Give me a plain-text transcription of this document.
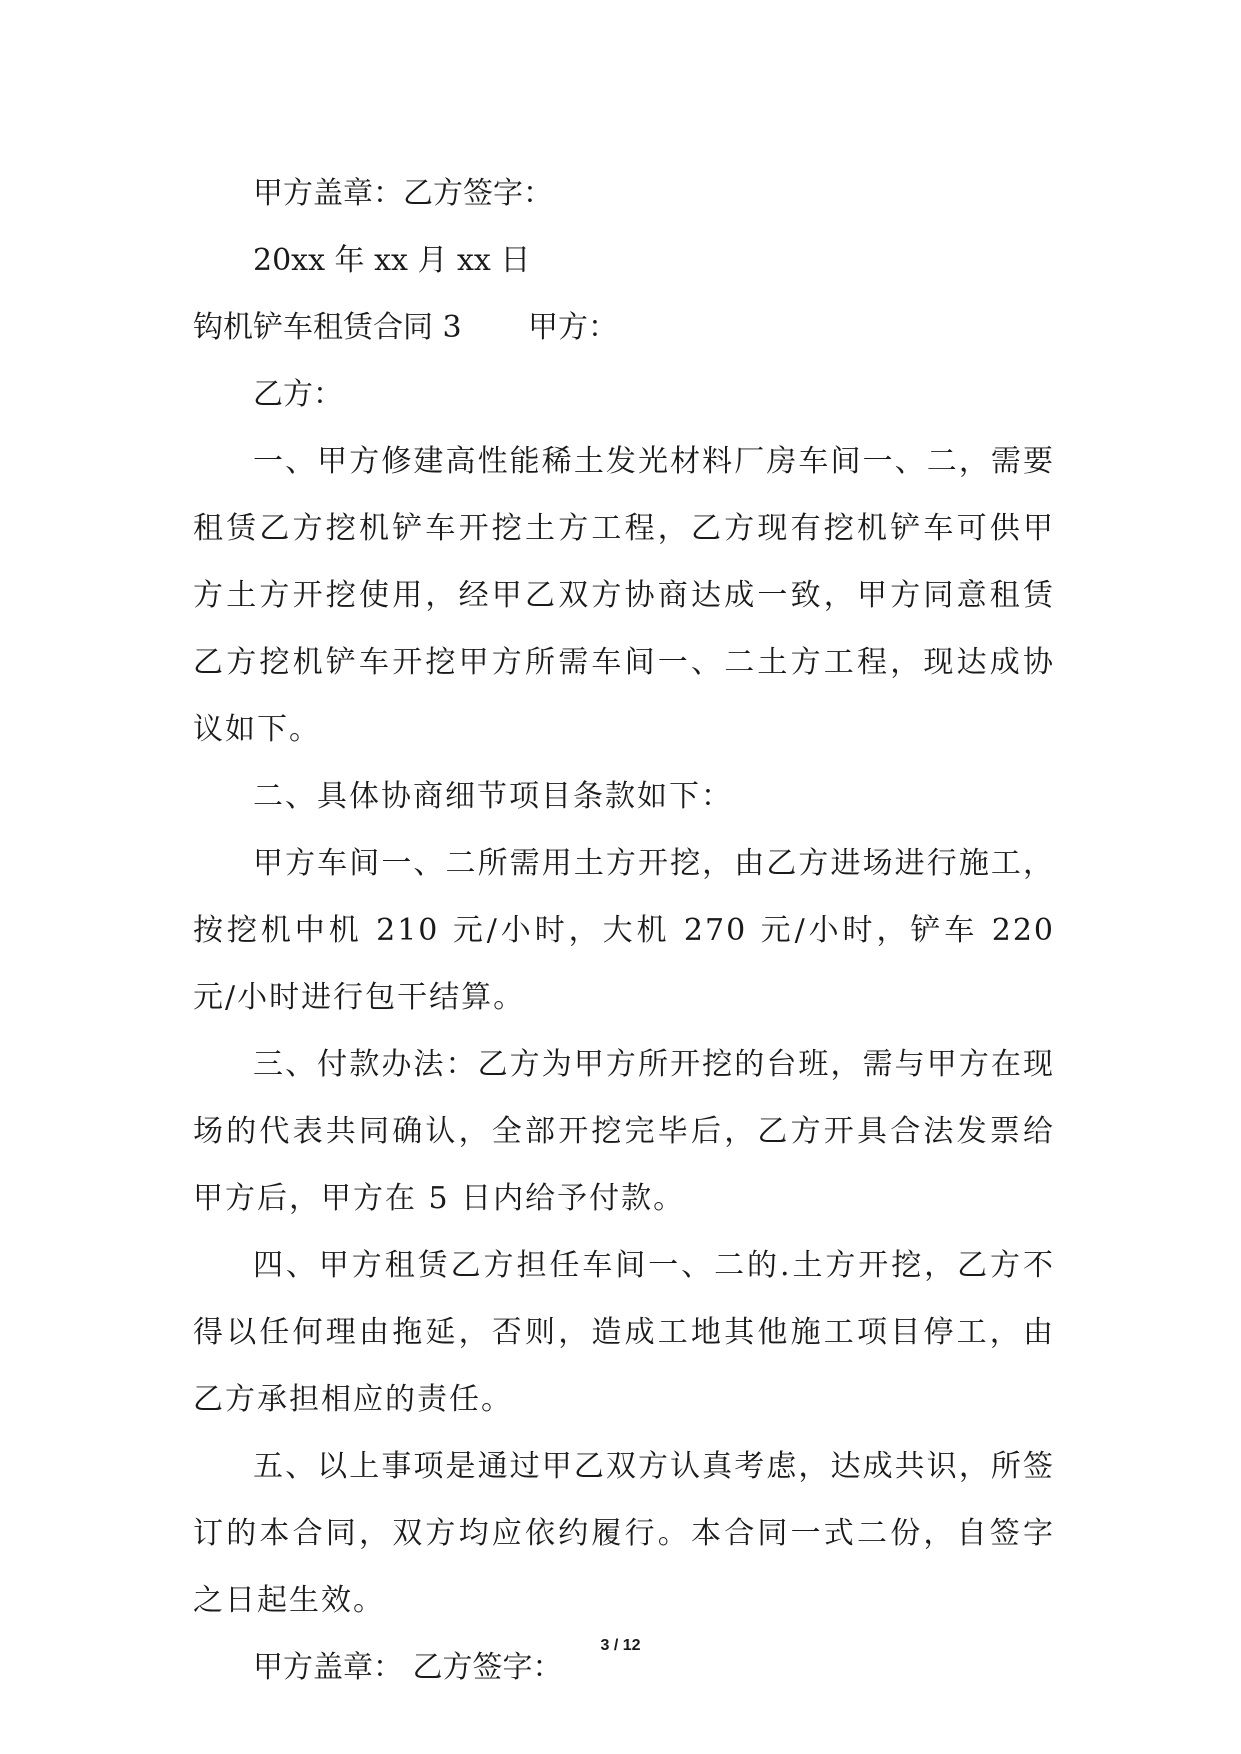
甲方盖章：乙方签字：
20xx 年 xx 月 xx 日
钩机铲车租赁合同 3	甲方：
乙方：

一、甲方修建高性能稀土发光材料厂房车间一、二，需要租赁乙方挖机铲车开挖土方工程，乙方现有挖机铲车可供甲方土方开挖使用，经甲乙双方协商达成一致，甲方同意租赁乙方挖机铲车开挖甲方所需车间一、二土方工程，现达成协议如下。

二、具体协商细节项目条款如下：

甲方车间一、二所需用土方开挖，由乙方进场进行施工，按挖机中机 210 元/小时，大机 270 元/小时，铲车 220 元/小时进行包干结算。

三、付款办法：乙方为甲方所开挖的台班，需与甲方在现场的代表共同确认，全部开挖完毕后，乙方开具合法发票给甲方后，甲方在 5 日内给予付款。

四、甲方租赁乙方担任车间一、二的.土方开挖，乙方不得以任何理由拖延，否则，造成工地其他施工项目停工，由乙方承担相应的责任。

五、以上事项是通过甲乙双方认真考虑，达成共识，所签订的本合同，双方均应依约履行。本合同一式二份，自签字之日起生效。

甲方盖章： 乙方签字：
3 / 12
